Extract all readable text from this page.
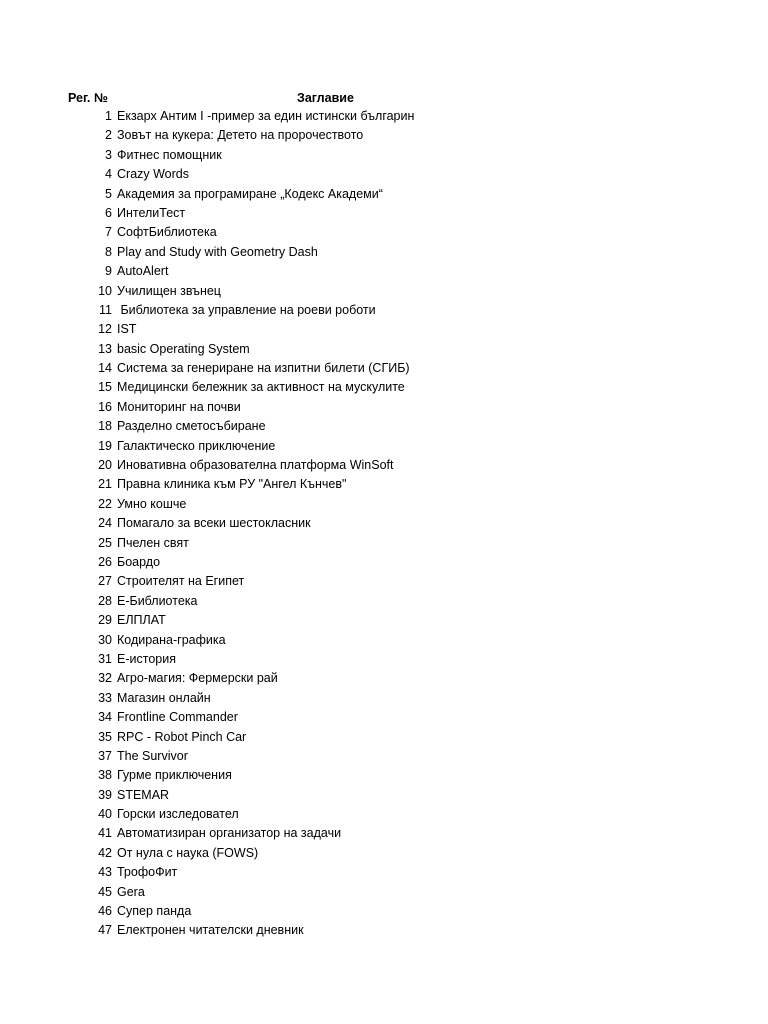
Рег. №	Заглавие
1 Екзарх Антим I -пример за един истински българин
2 Зовът на кукера: Детето на пророчеството
3 Фитнес помощник
4 Crazy Words
5 Академия за програмиране „Кодекс Академи“
6 ИнтелиТест
7 СофтБиблиотека
8 Play and Study with Geometry Dash
9 AutoAlert
10 Училищен звънец
11 Библиотека за управление на роеви роботи
12 IST
13 basic Operating System
14 Система за генериране на изпитни билети (СГИБ)
15 Медицински бележник за активност на мускулите
16 Мониторинг на почви
18 Разделно сметосъбиране
19 Галактическо приключение
20 Иновативна образователна платформа WinSoft
21 Правна клиника към РУ "Ангел Кънчев"
22 Умно кошче
24 Помагало за всеки шестокласник
25 Пчелен свят
26 Боардо
27 Строителят на Египет
28 Е-Библиотека
29 ЕЛПЛАТ
30 Кодирана-графика
31 Е-история
32 Агро-магия: Фермерски рай
33 Магазин онлайн
34 Frontline Commander
35 RPC - Robot Pinch Car
37 The Survivor
38 Гурме приключения
39 STEMAR
40 Горски изследовател
41 Автоматизиран организатор на задачи
42 От нула с наука (FOWS)
43 ТрофоФит
45 Gera
46 Супер панда
47 Електронен читателски дневник
